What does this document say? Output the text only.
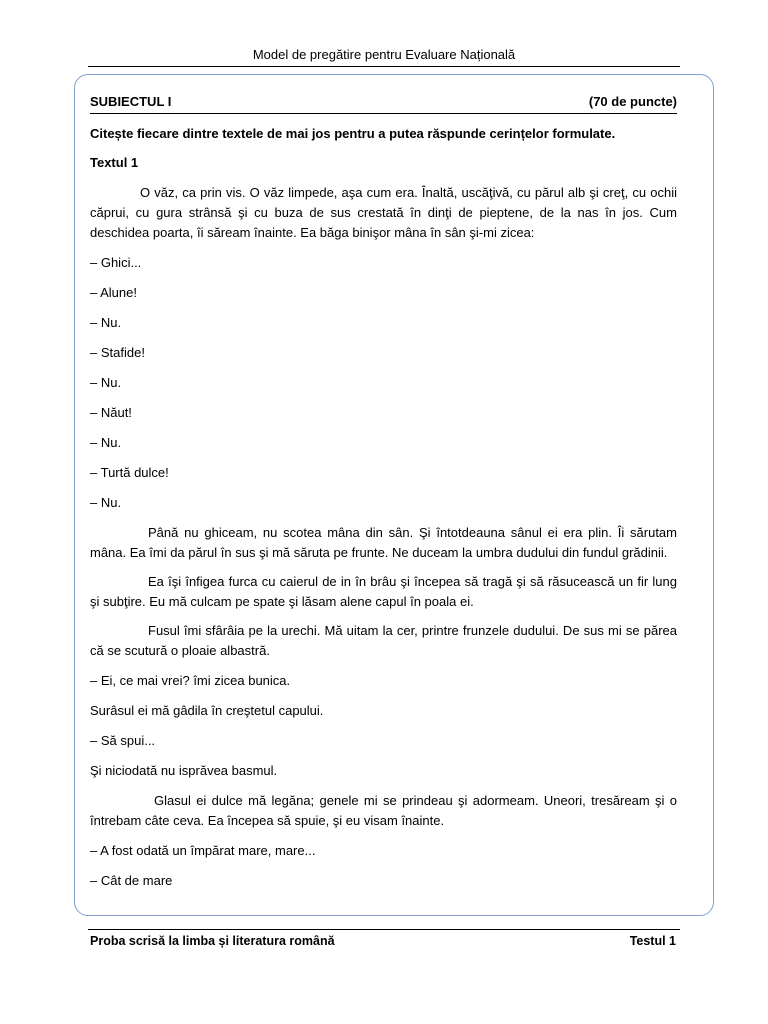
Model de pregătire pentru Evaluare Națională
SUBIECTUL I	(70 de puncte)

Citește fiecare dintre textele de mai jos pentru a putea răspunde cerințelor formulate.

Textul 1

O văz, ca prin vis. O văz limpede, aşa cum era. Înaltă, uscăţivă, cu părul alb şi creţ, cu ochii căprui, cu gura strânsă şi cu buza de sus crestată în dinţi de pieptene, de la nas în jos. Cum deschidea poarta, îi săream înainte. Ea băga binişor mâna în sân şi-mi zicea:

– Ghici...

– Alune!

– Nu.

– Stafide!

– Nu.

– Năut!

– Nu.

– Turtă dulce!

– Nu.

Până nu ghiceam, nu scotea mâna din sân. Şi întotdeauna sânul ei era plin. Îi sărutam mâna. Ea îmi da părul în sus şi mă săruta pe frunte. Ne duceam la umbra dudului din fundul grădinii.

Ea îşi înfigea furca cu caierul de in în brâu şi începea să tragă şi să răsucească un fir lung şi subţire. Eu mă culcam pe spate şi lăsam alene capul în poala ei.

Fusul îmi sfârâia pe la urechi. Mă uitam la cer, printre frunzele dudului. De sus mi se părea că se scutură o ploaie albastră.

– Ei, ce mai vrei? îmi zicea bunica.

Surâsul ei mă gâdila în creştetul capului.

– Să spui...

Şi niciodată nu isprăvea basmul.

Glasul ei dulce mă legăna; genele mi se prindeau şi adormeam. Uneori, tresăream şi o întrebam câte ceva. Ea începea să spuie, şi eu visam înainte.

– A fost odată un împărat mare, mare...

– Cât de mare

Proba scrisă la limba și literatura română	Testul 1
